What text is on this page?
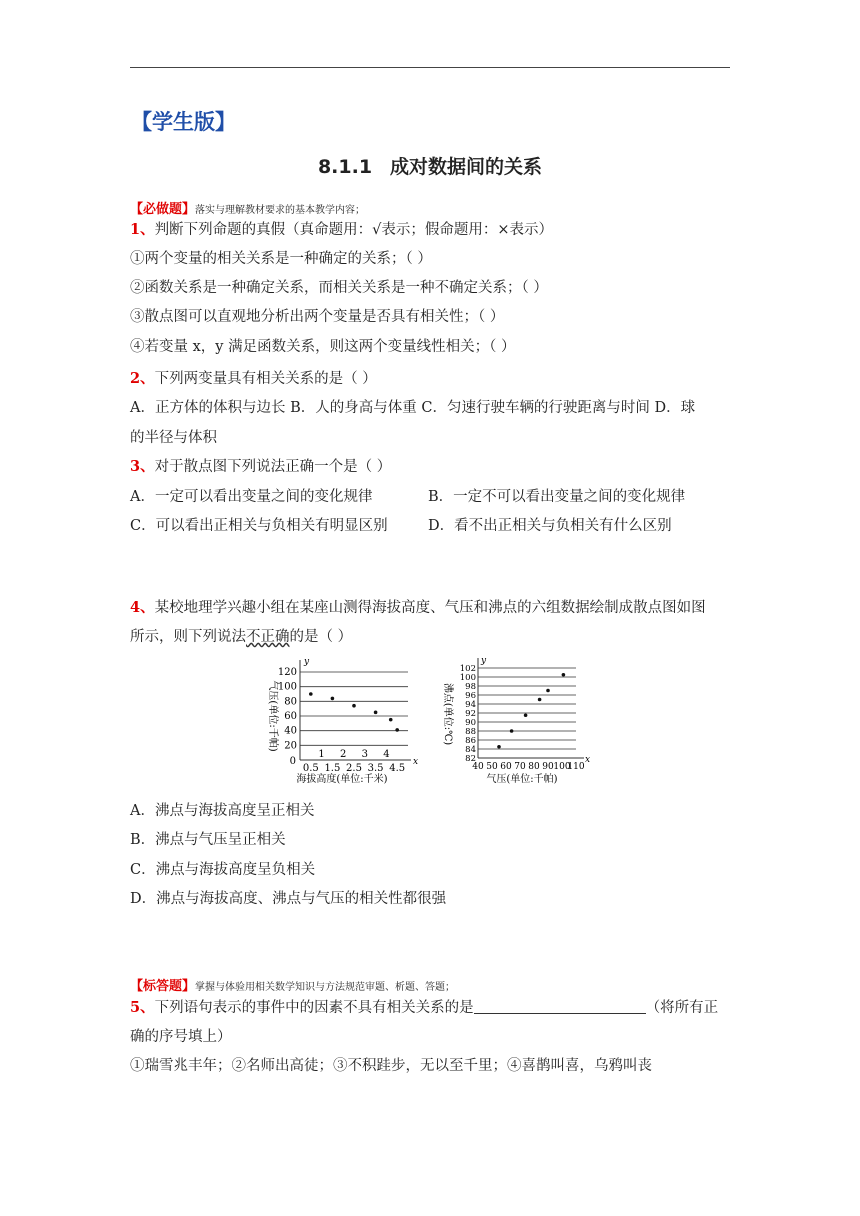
【学生版】
8.1.1 成对数据间的关系
【必做题】落实与理解教材要求的基本教学内容；
1、判断下列命题的真假（真命题用：√表示；假命题用：×表示）
①两个变量的相关关系是一种确定的关系；（ ）
②函数关系是一种确定关系，而相关关系是一种不确定关系；（ ）
③散点图可以直观地分析出两个变量是否具有相关性；（ ）
④若变量 x，y 满足函数关系，则这两个变量线性相关；（ ）
2、下列两变量具有相关关系的是（ ）
A．正方体的体积与边长 B．人的身高与体重 C．匀速行驶车辆的行驶距离与时间 D．球
的半径与体积
3、对于散点图下列说法正确一个是（ ）
A．一定可以看出变量之间的变化规律	B．一定不可以看出变量之间的变化规律
C．可以看出正相关与负相关有明显区别	D．看不出正相关与负相关有什么区别
4、某校地理学兴趣小组在某座山测得海拔高度、气压和沸点的六组数据绘制成散点图如图
所示，则下列说法不正确的是（ ）
20
40
60
80
100
120
y
x
0
1 2 3 4
0.5 1.5 2.5 3.5 4.5
海拔高度(单位:千米)
气压(单位:千帕)
82
84
86
88
90
92
94
96
98
100
102
y
x
40 50 60 70 80 90 100
110
气压(单位:千帕)
沸点(单位:℃)
A．沸点与海拔高度呈正相关
B．沸点与气压呈正相关
C．沸点与海拔高度呈负相关
D．沸点与海拔高度、沸点与气压的相关性都很强
【标答题】掌握与体验用相关数学知识与方法规范审题、析题、答题；
5、下列语句表示的事件中的因素不具有相关关系的是	（将所有正
确的序号填上）
①瑞雪兆丰年；②名师出高徒；③不积跬步，无以至千里；④喜鹊叫喜，乌鸦叫丧
